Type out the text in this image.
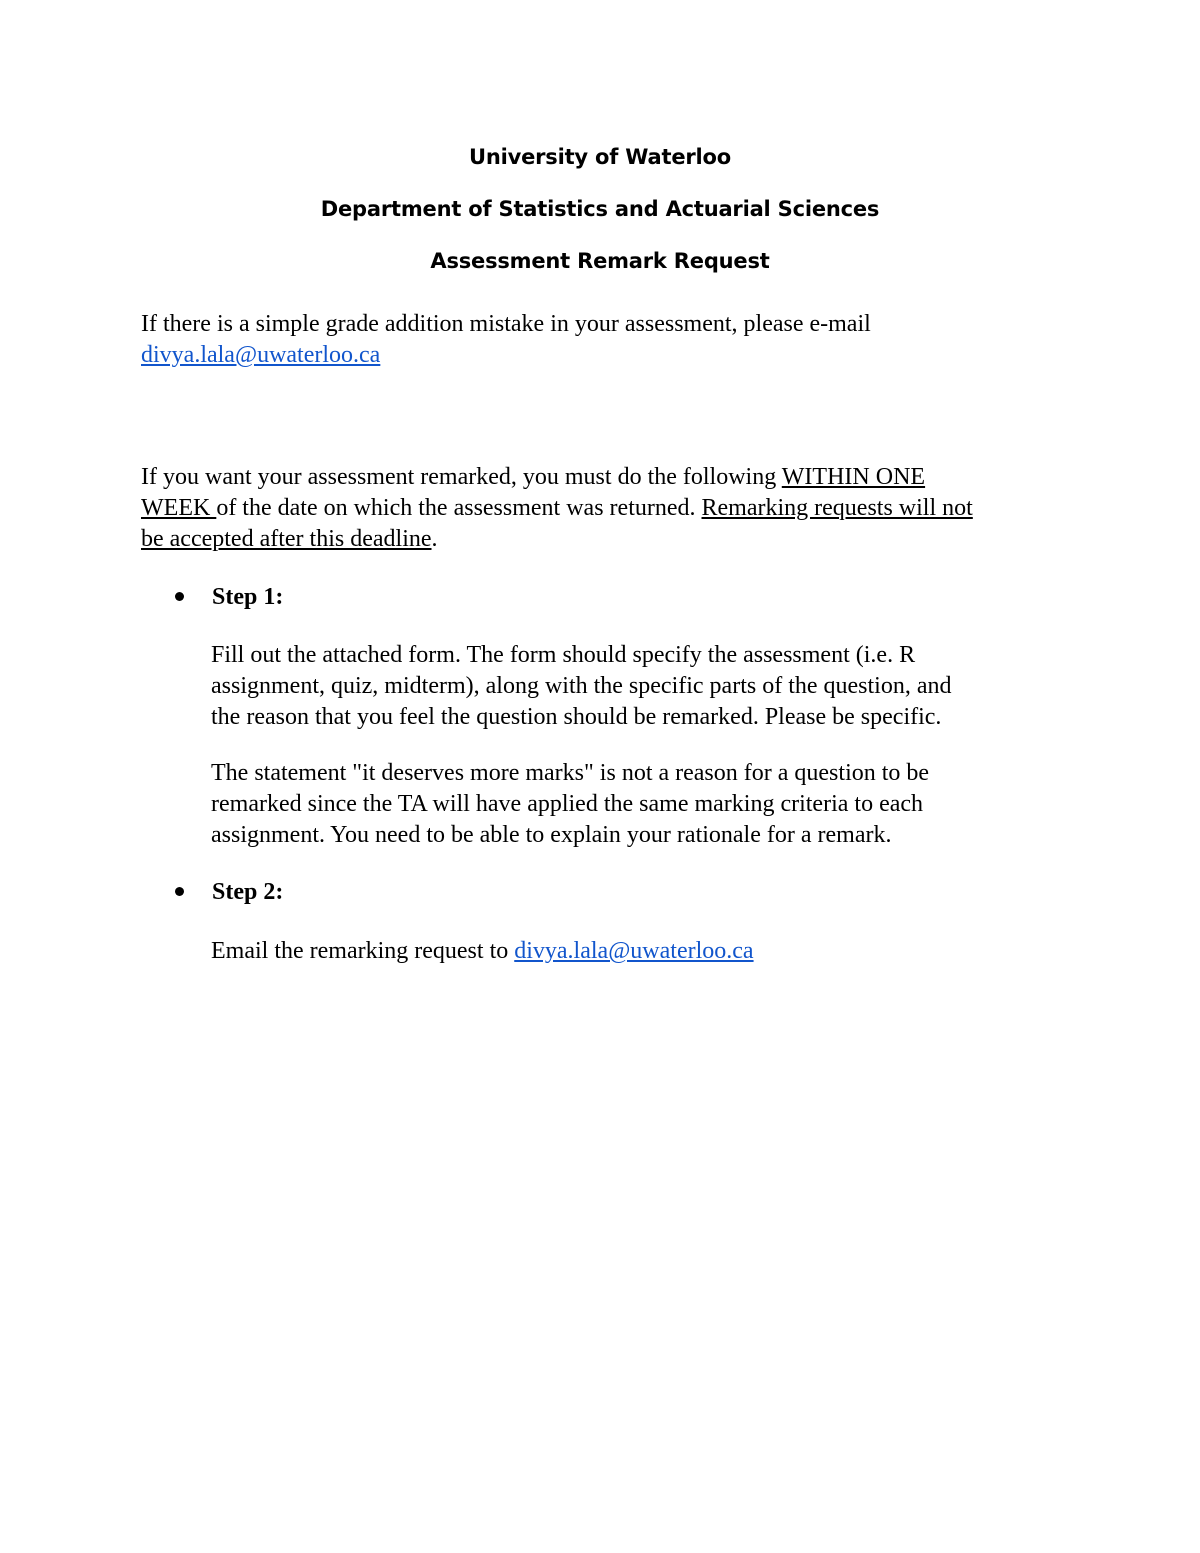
University of Waterloo
Department of Statistics and Actuarial Sciences
Assessment Remark Request
If there is a simple grade addition mistake in your assessment, please e-mail
divya.lala@uwaterloo.ca
If you want your assessment remarked, you must do the following WITHIN ONE
WEEK of the date on which the assessment was returned. Remarking requests will not
be accepted after this deadline.
Step 1:
Fill out the attached form. The form should specify the assessment (i.e. R
assignment, quiz, midterm), along with the specific parts of the question, and
the reason that you feel the question should be remarked. Please be specific.
The statement "it deserves more marks" is not a reason for a question to be
remarked since the TA will have applied the same marking criteria to each
assignment. You need to be able to explain your rationale for a remark.
Step 2:
Email the remarking request to divya.lala@uwaterloo.ca
